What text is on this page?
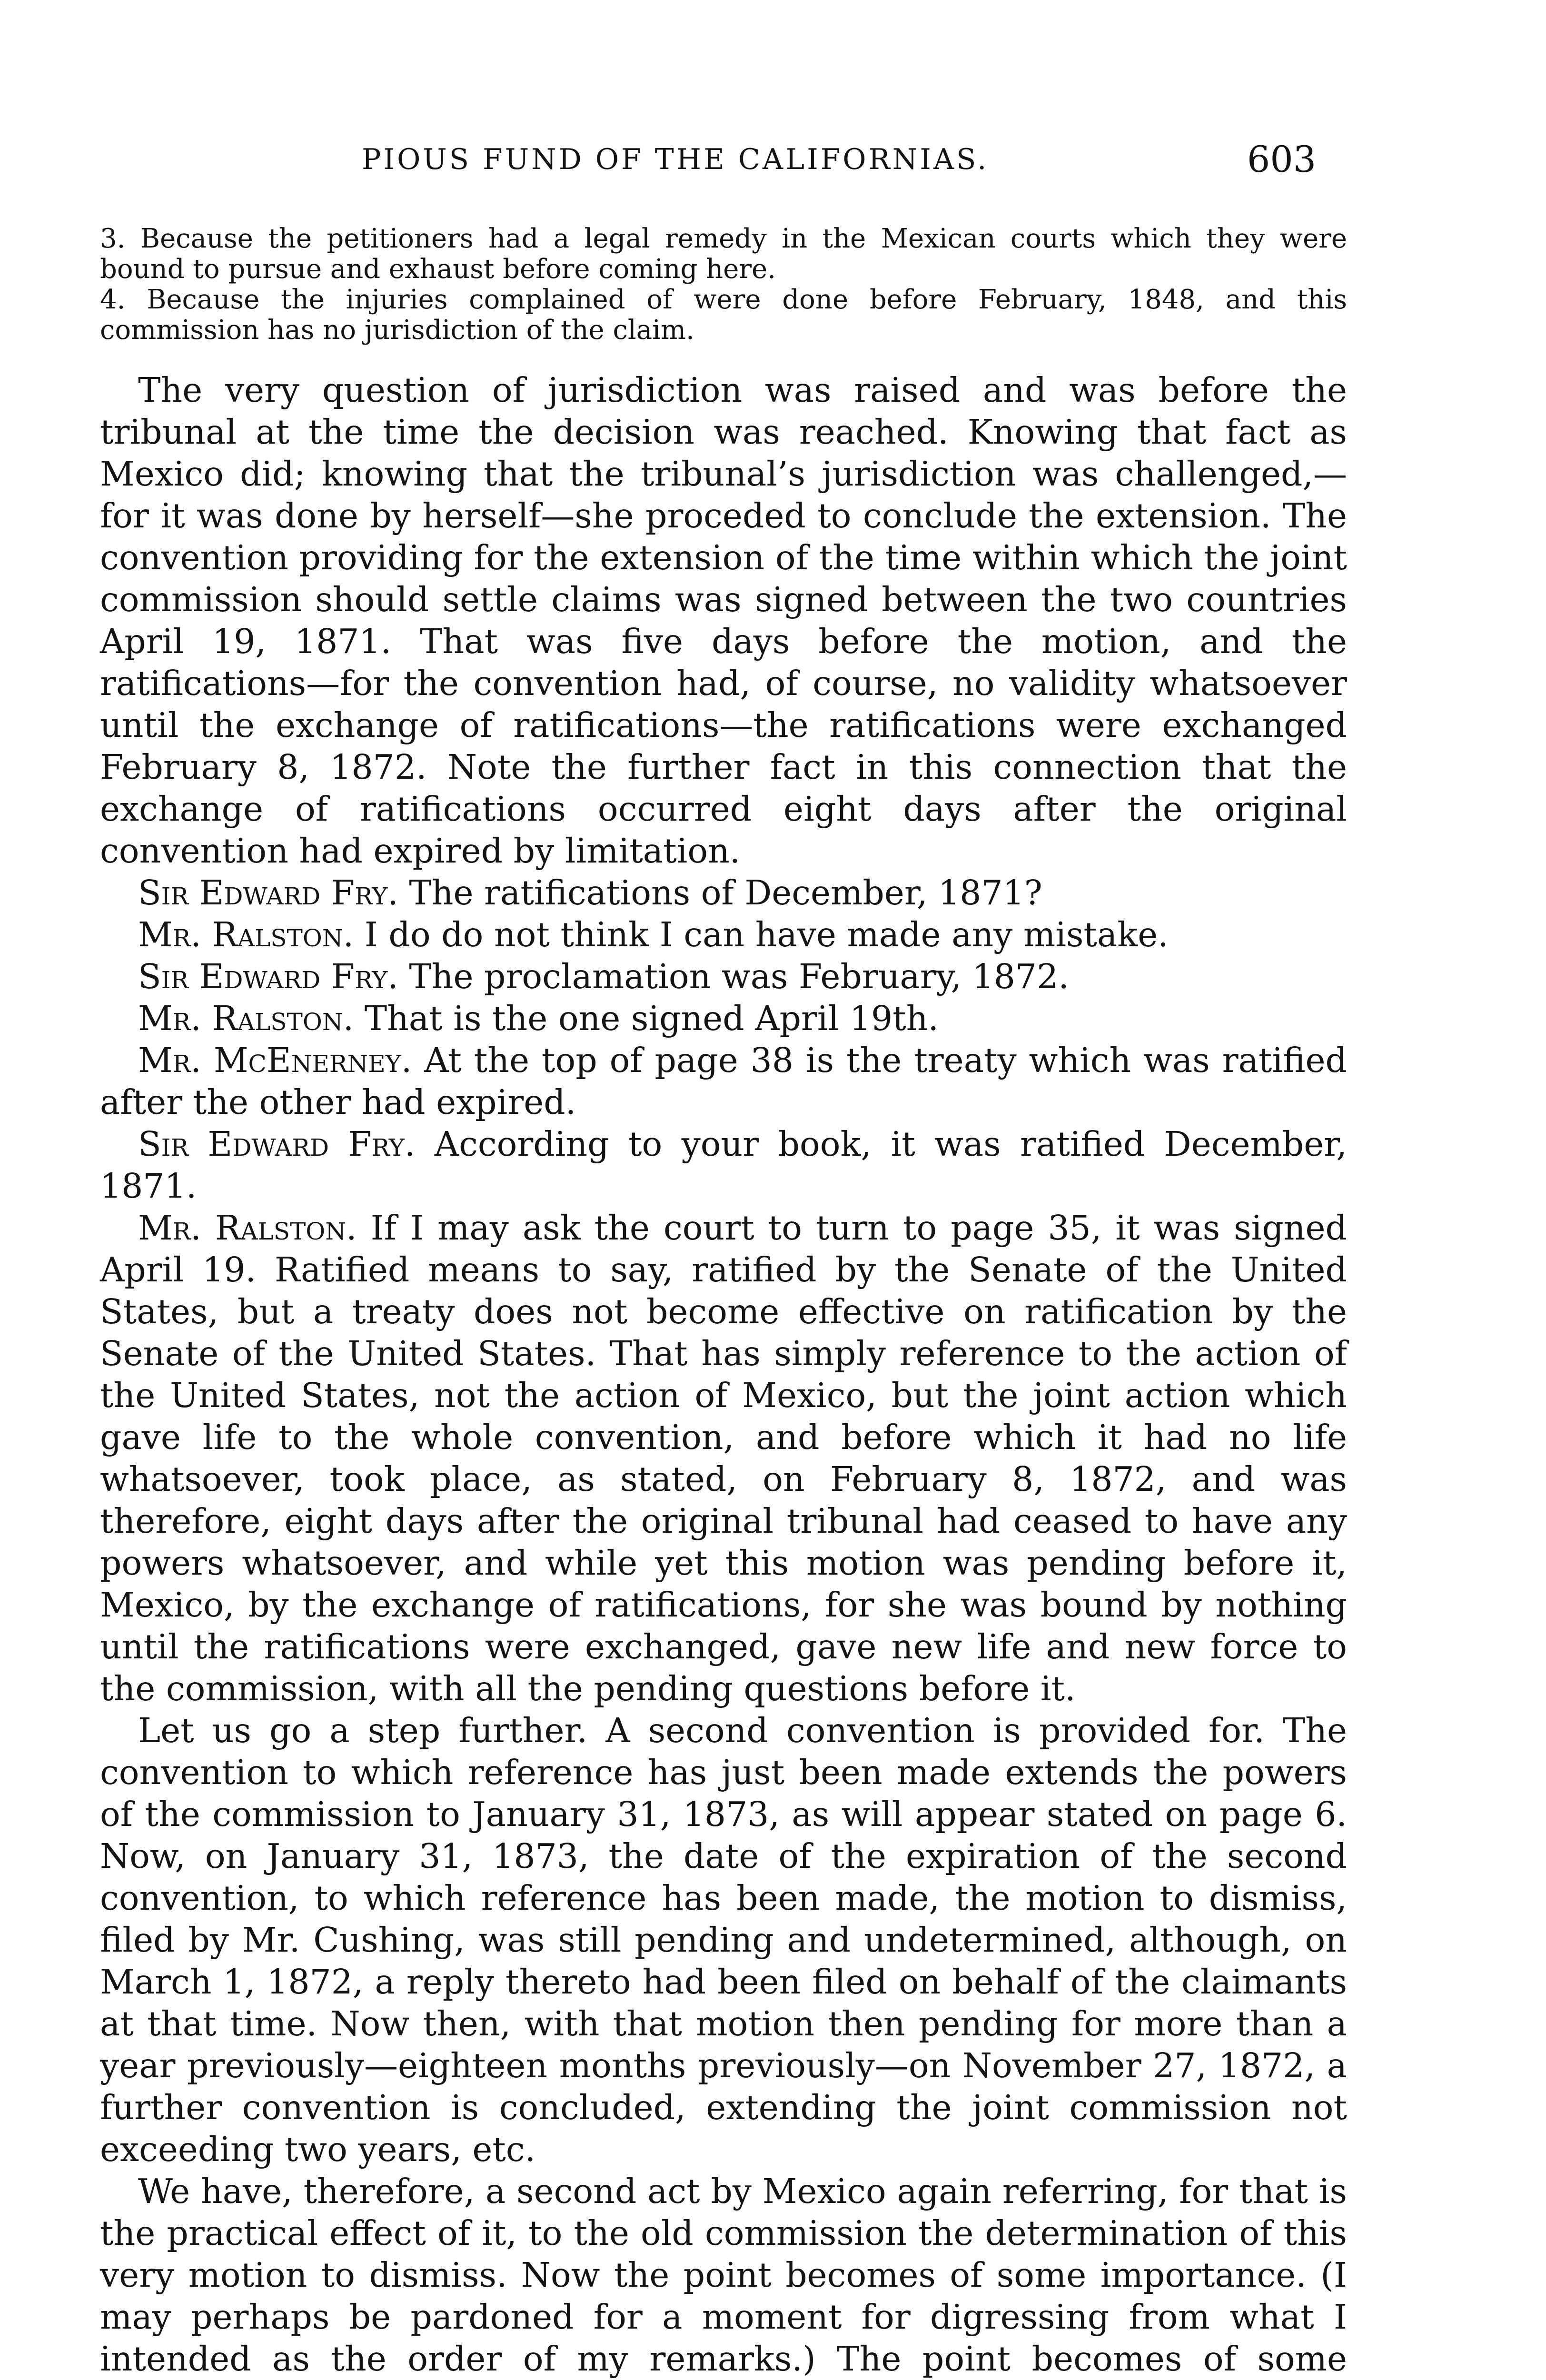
PIOUS FUND OF THE CALIFORNIAS.	603

3. Because the petitioners had a legal remedy in the Mexican courts which they were bound to pursue and exhaust before coming here.

4. Because the injuries complained of were done before February, 1848, and this commission has no jurisdiction of the claim.

The very question of jurisdiction was raised and was before the tribunal at the time the decision was reached. Knowing that fact as Mexico did; knowing that the tribunal’s jurisdiction was challenged,—for it was done by herself—she proceded to conclude the extension. The convention providing for the extension of the time within which the joint commission should settle claims was signed between the two countries April 19, 1871. That was five days before the motion, and the ratifications—for the convention had, of course, no validity whatsoever until the exchange of ratifications—the ratifications were exchanged February 8, 1872. Note the further fact in this connection that the exchange of ratifications occurred eight days after the original convention had expired by limitation.

Sir Edward Fry. The ratifications of December, 1871?

Mr. Ralston. I do do not think I can have made any mistake.

Sir Edward Fry. The proclamation was February, 1872.

Mr. Ralston. That is the one signed April 19th.

Mr. McEnerney. At the top of page 38 is the treaty which was ratified after the other had expired.

Sir Edward Fry. According to your book, it was ratified December, 1871.

Mr. Ralston. If I may ask the court to turn to page 35, it was signed April 19. Ratified means to say, ratified by the Senate of the United States, but a treaty does not become effective on ratification by the Senate of the United States. That has simply reference to the action of the United States, not the action of Mexico, but the joint action which gave life to the whole convention, and before which it had no life whatsoever, took place, as stated, on February 8, 1872, and was therefore, eight days after the original tribunal had ceased to have any powers whatsoever, and while yet this motion was pending before it, Mexico, by the exchange of ratifications, for she was bound by nothing until the ratifications were exchanged, gave new life and new force to the commission, with all the pending questions before it.

Let us go a step further. A second convention is provided for. The convention to which reference has just been made extends the powers of the commission to January 31, 1873, as will appear stated on page 6. Now, on January 31, 1873, the date of the expiration of the second convention, to which reference has been made, the motion to dismiss, filed by Mr. Cushing, was still pending and undetermined, although, on March 1, 1872, a reply thereto had been filed on behalf of the claimants at that time. Now then, with that motion then pending for more than a year previously—eighteen months previously—on November 27, 1872, a further convention is concluded, extending the joint commission not exceeding two years, etc.

We have, therefore, a second act by Mexico again referring, for that is the practical effect of it, to the old commission the determination of this very motion to dismiss. Now the point becomes of some importance. (I may perhaps be pardoned for a moment for digressing from what I intended as the order of my remarks.) The point becomes of some
